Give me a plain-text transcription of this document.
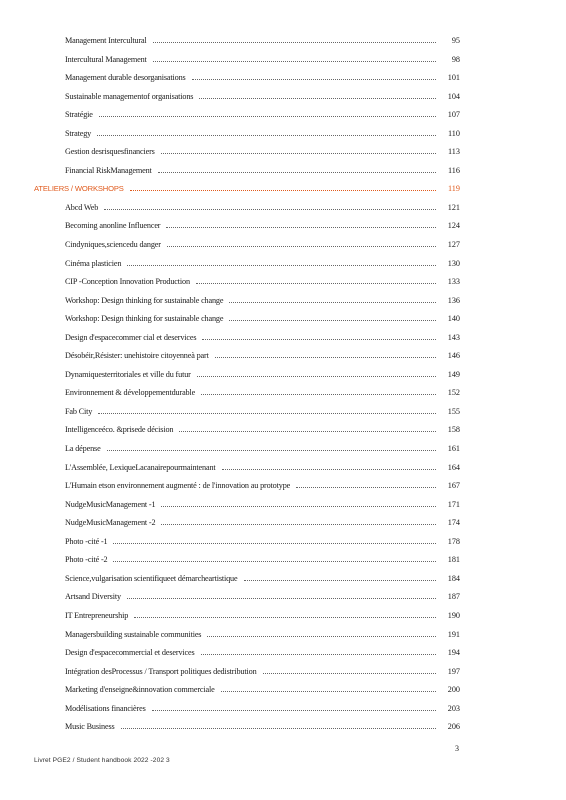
Management Intercultural	95
Intercultural Management	98
Management durable desorganisations	101
Sustainable managementof organisations	104
Stratégie	107
Strategy	110
Gestion desrisquesfinanciers	113
Financial RiskManagement	116
ATELIERS / WORKSHOPS	119
Abcd Web	121
Becoming anonline Influencer	124
Cindyniques,sciencedu danger	127
Cinéma plasticien	130
CIP -Conception Innovation Production	133
Workshop: Design thinking for sustainable change	136
Workshop: Design thinking for sustainable change	140
Design d'espacecommer cial et deservices	143
Désobéir,Résister: unehistoire citoyenneà part	146
Dynamiquesterritoriales et ville du futur	149
Environnement & développementdurable	152
Fab City	155
Intelligenceéco. &prisede décision	158
La dépense	161
L'Assemblée, LexiqueLacanairepourmaintenant	164
L'Humain etson environnement augmenté : de l'innovation au prototype	167
NudgeMusicManagement -1	171
NudgeMusicManagement -2	174
Photo -cité -1	178
Photo -cité -2	181
Science,vulgarisation scientifiqueet démarcheartistique	184
Artsand Diversity	187
IT Entrepreneurship	190
Managersbuilding sustainable communities	191
Design d'espacecommercial et deservices	194
Intégration desProcessus / Transport politiques dedistribution	197
Marketing d'enseigne&innovation commerciale	200
Modélisations financières	203
Music Business	206
3
Livret PGE2 / Student handbook 2022 -202 3
